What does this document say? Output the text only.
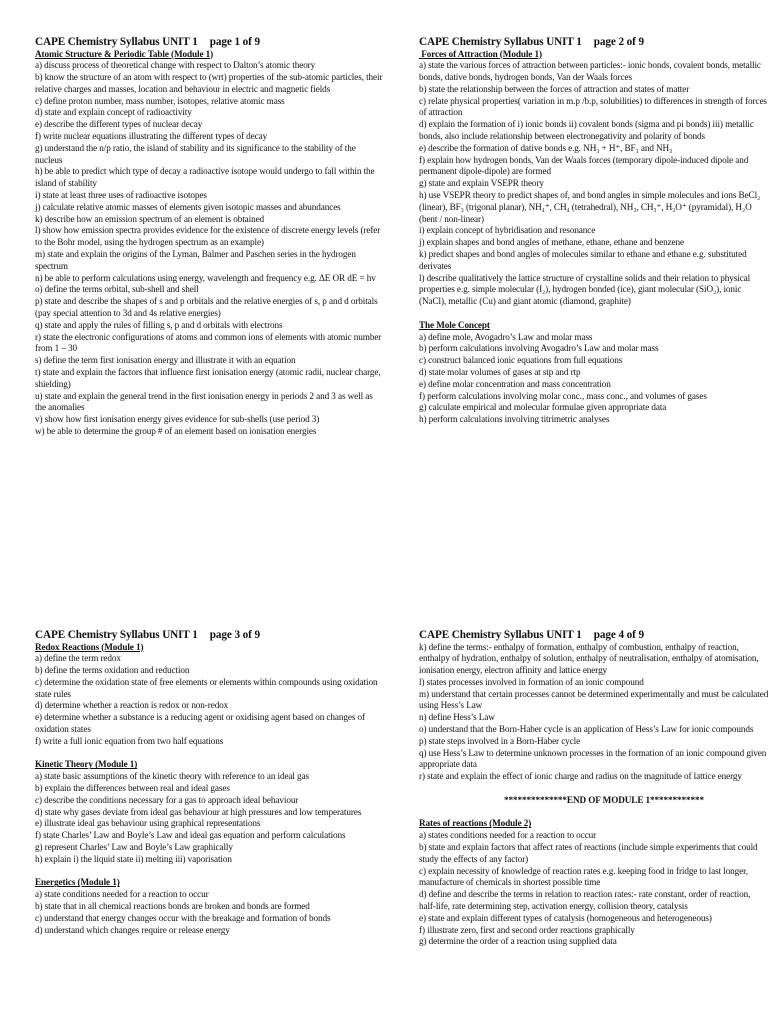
CAPE Chemistry Syllabus UNIT 1 page 1 of 9
Atomic Structure & Periodic Table (Module 1)
a) discuss process of theoretical change with respect to Dalton’s atomic theory
b) know the structure of an atom with respect to (wrt) properties of the sub-atomic particles, their relative charges and masses, location and behaviour in electric and magnetic fields
c) define proton number, mass number, isotopes, relative atomic mass
d) state and explain concept of radioactivity
e) describe the different types of nuclear decay
f) write nuclear equations illustrating the different types of decay
g) understand the n/p ratio, the island of stability and its significance to the stability of the nucleus
h) be able to predict which type of decay a radioactive isotope would undergo to fall within the island of stability
i) state at least three uses of radioactive isotopes
j) calculate relative atomic masses of elements given isotopic masses and abundances
k) describe how an emission spectrum of an element is obtained
l) show how emission spectra provides evidence for the existence of discrete energy levels (refer to the Bohr model, using the hydrogen spectrum as an example)
m) state and explain the origins of the Lyman, Balmer and Paschen series in the hydrogen spectrum
n) be able to perform calculations using energy, wavelength and frequency e.g. ΔE OR dE = hv
o) define the terms orbital, sub-shell and shell
p) state and describe the shapes of s and p orbitals and the relative energies of s, p and d orbitals (pay special attention to 3d and 4s relative energies)
q) state and apply the rules of filling s, p and d orbitals with electrons
r) state the electronic configurations of atoms and common ions of elements with atomic number from 1 – 30
s) define the term first ionisation energy and illustrate it with an equation
t) state and explain the factors that influence first ionisation energy (atomic radii, nuclear charge, shielding)
u) state and explain the general trend in the first ionisation energy in periods 2 and 3 as well as the anomalies
v) show how first ionisation energy gives evidence for sub-shells (use period 3)
w) be able to determine the group # of an element based on ionisation energies
CAPE Chemistry Syllabus UNIT 1 page 2 of 9
Forces of Attraction (Module 1)
a) state the various forces of attraction between particles:- ionic bonds, covalent bonds, metallic bonds, dative bonds, hydrogen bonds, Van der Waals forces
b) state the relationship between the forces of attraction and states of matter
c) relate physical properties( variation in m.p /b.p, solubilities) to differences in strength of forces of attraction
d) explain the formation of i) ionic bonds ii) covalent bonds (sigma and pi bonds) iii) metallic bonds, also include relationship between electronegativity and polarity of bonds
e) describe the formation of dative bonds e.g. NH₃ + H⁺, BF₃ and NH₃
f) explain how hydrogen bonds, Van der Waals forces (temporary dipole-induced dipole and permanent dipole-dipole) are formed
g) state and explain VSEPR theory
h) use VSEPR theory to predict shapes of, and bond angles in simple molecules and ions BeCl₂ (linear), BF₃ (trigonal planar), NH₄⁺, CH₄ (tetrahedral), NH₃, CH₃⁺, H₃O⁺ (pyramidal), H₂O (bent / non-linear)
i) explain concept of hybridisation and resonance
j) explain shapes and bond angles of methane, ethane, ethane and benzene
k) predict shapes and bond angles of molecules similar to ethane and ethane e.g. substituted derivates
l) describe qualitatively the lattice structure of crystalline solids and their relation to physical properties e.g. simple molecular (I₂), hydrogen bonded (ice), giant molecular (SiO₂), ionic (NaCl), metallic (Cu) and giant atomic (diamond, graphite)
The Mole Concept
a) define mole, Avogadro’s Law and molar mass
b) perform calculations involving Avogadro’s Law and molar mass
c) construct balanced ionic equations from full equations
d) state molar volumes of gases at stp and rtp
e) define molar concentration and mass concentration
f) perform calculations involving molar conc., mass conc., and volumes of gases
g) calculate empirical and molecular formulae given appropriate data
h) perform calculations involving titrimetric analyses
CAPE Chemistry Syllabus UNIT 1 page 3 of 9
Redox Reactions (Module 1)
a) define the term redox
b) define the terms oxidation and reduction
c) determine the oxidation state of free elements or elements within compounds using oxidation state rules
d) determine whether a reaction is redox or non-redox
e) determine whether a substance is a reducing agent or oxidising agent based on changes of oxidation states
f) write a full ionic equation from two half equations
Kinetic Theory (Module 1)
a) state basic assumptions of the kinetic theory with reference to an ideal gas
b) explain the differences between real and ideal gases
c) describe the conditions necessary for a gas to approach ideal behaviour
d) state why gases deviate from ideal gas behaviour at high pressures and low temperatures
e) illustrate ideal gas behaviour using graphical representations
f) state Charles’ Law and Boyle’s Law and ideal gas equation and perform calculations
g) represent Charles’ Law and Boyle’s Law graphically
h) explain i) the liquid state ii) melting iii) vaporisation
Energetics (Module 1)
a) state conditions needed for a reaction to occur
b) state that in all chemical reactions bonds are broken and bonds are formed
c) understand that energy changes occur with the breakage and formation of bonds
d) understand which changes require or release energy
CAPE Chemistry Syllabus UNIT 1 page 4 of 9
k) define the terms:- enthalpy of formation, enthalpy of combustion, enthalpy of reaction, enthalpy of hydration, enthalpy of solution, enthalpy of neutralisation, enthalpy of atomisation, ionisation energy, electron affinity and lattice energy
l) states processes involved in formation of an ionic compound
m) understand that certain processes cannot be determined experimentally and must be calculated using Hess’s Law
n) define Hess’s Law
o) understand that the Born-Haber cycle is an application of Hess’s Law for ionic compounds
p) state steps involved in a Born-Haber cycle
q) use Hess’s Law to determine unknown processes in the formation of an ionic compound given appropriate data
r) state and explain the effect of ionic charge and radius on the magnitude of lattice energy
**************END OF MODULE 1************
Rates of reactions (Module 2)
a) states conditions needed for a reaction to occur
b) state and explain factors that affect rates of reactions (include simple experiments that could study the effects of any factor)
c) explain necessity of knowledge of reaction rates e.g. keeping food in fridge to last longer, manufacture of chemicals in shortest possible time
d) define and describe the terms in relation to reaction rates:- rate constant, order of reaction, half-life, rate determining step, activation energy, collision theory, catalysis
e) state and explain different types of catalysis (homogeneous and heterogeneous)
f) illustrate zero, first and second order reactions graphically
g) determine the order of a reaction using supplied data
